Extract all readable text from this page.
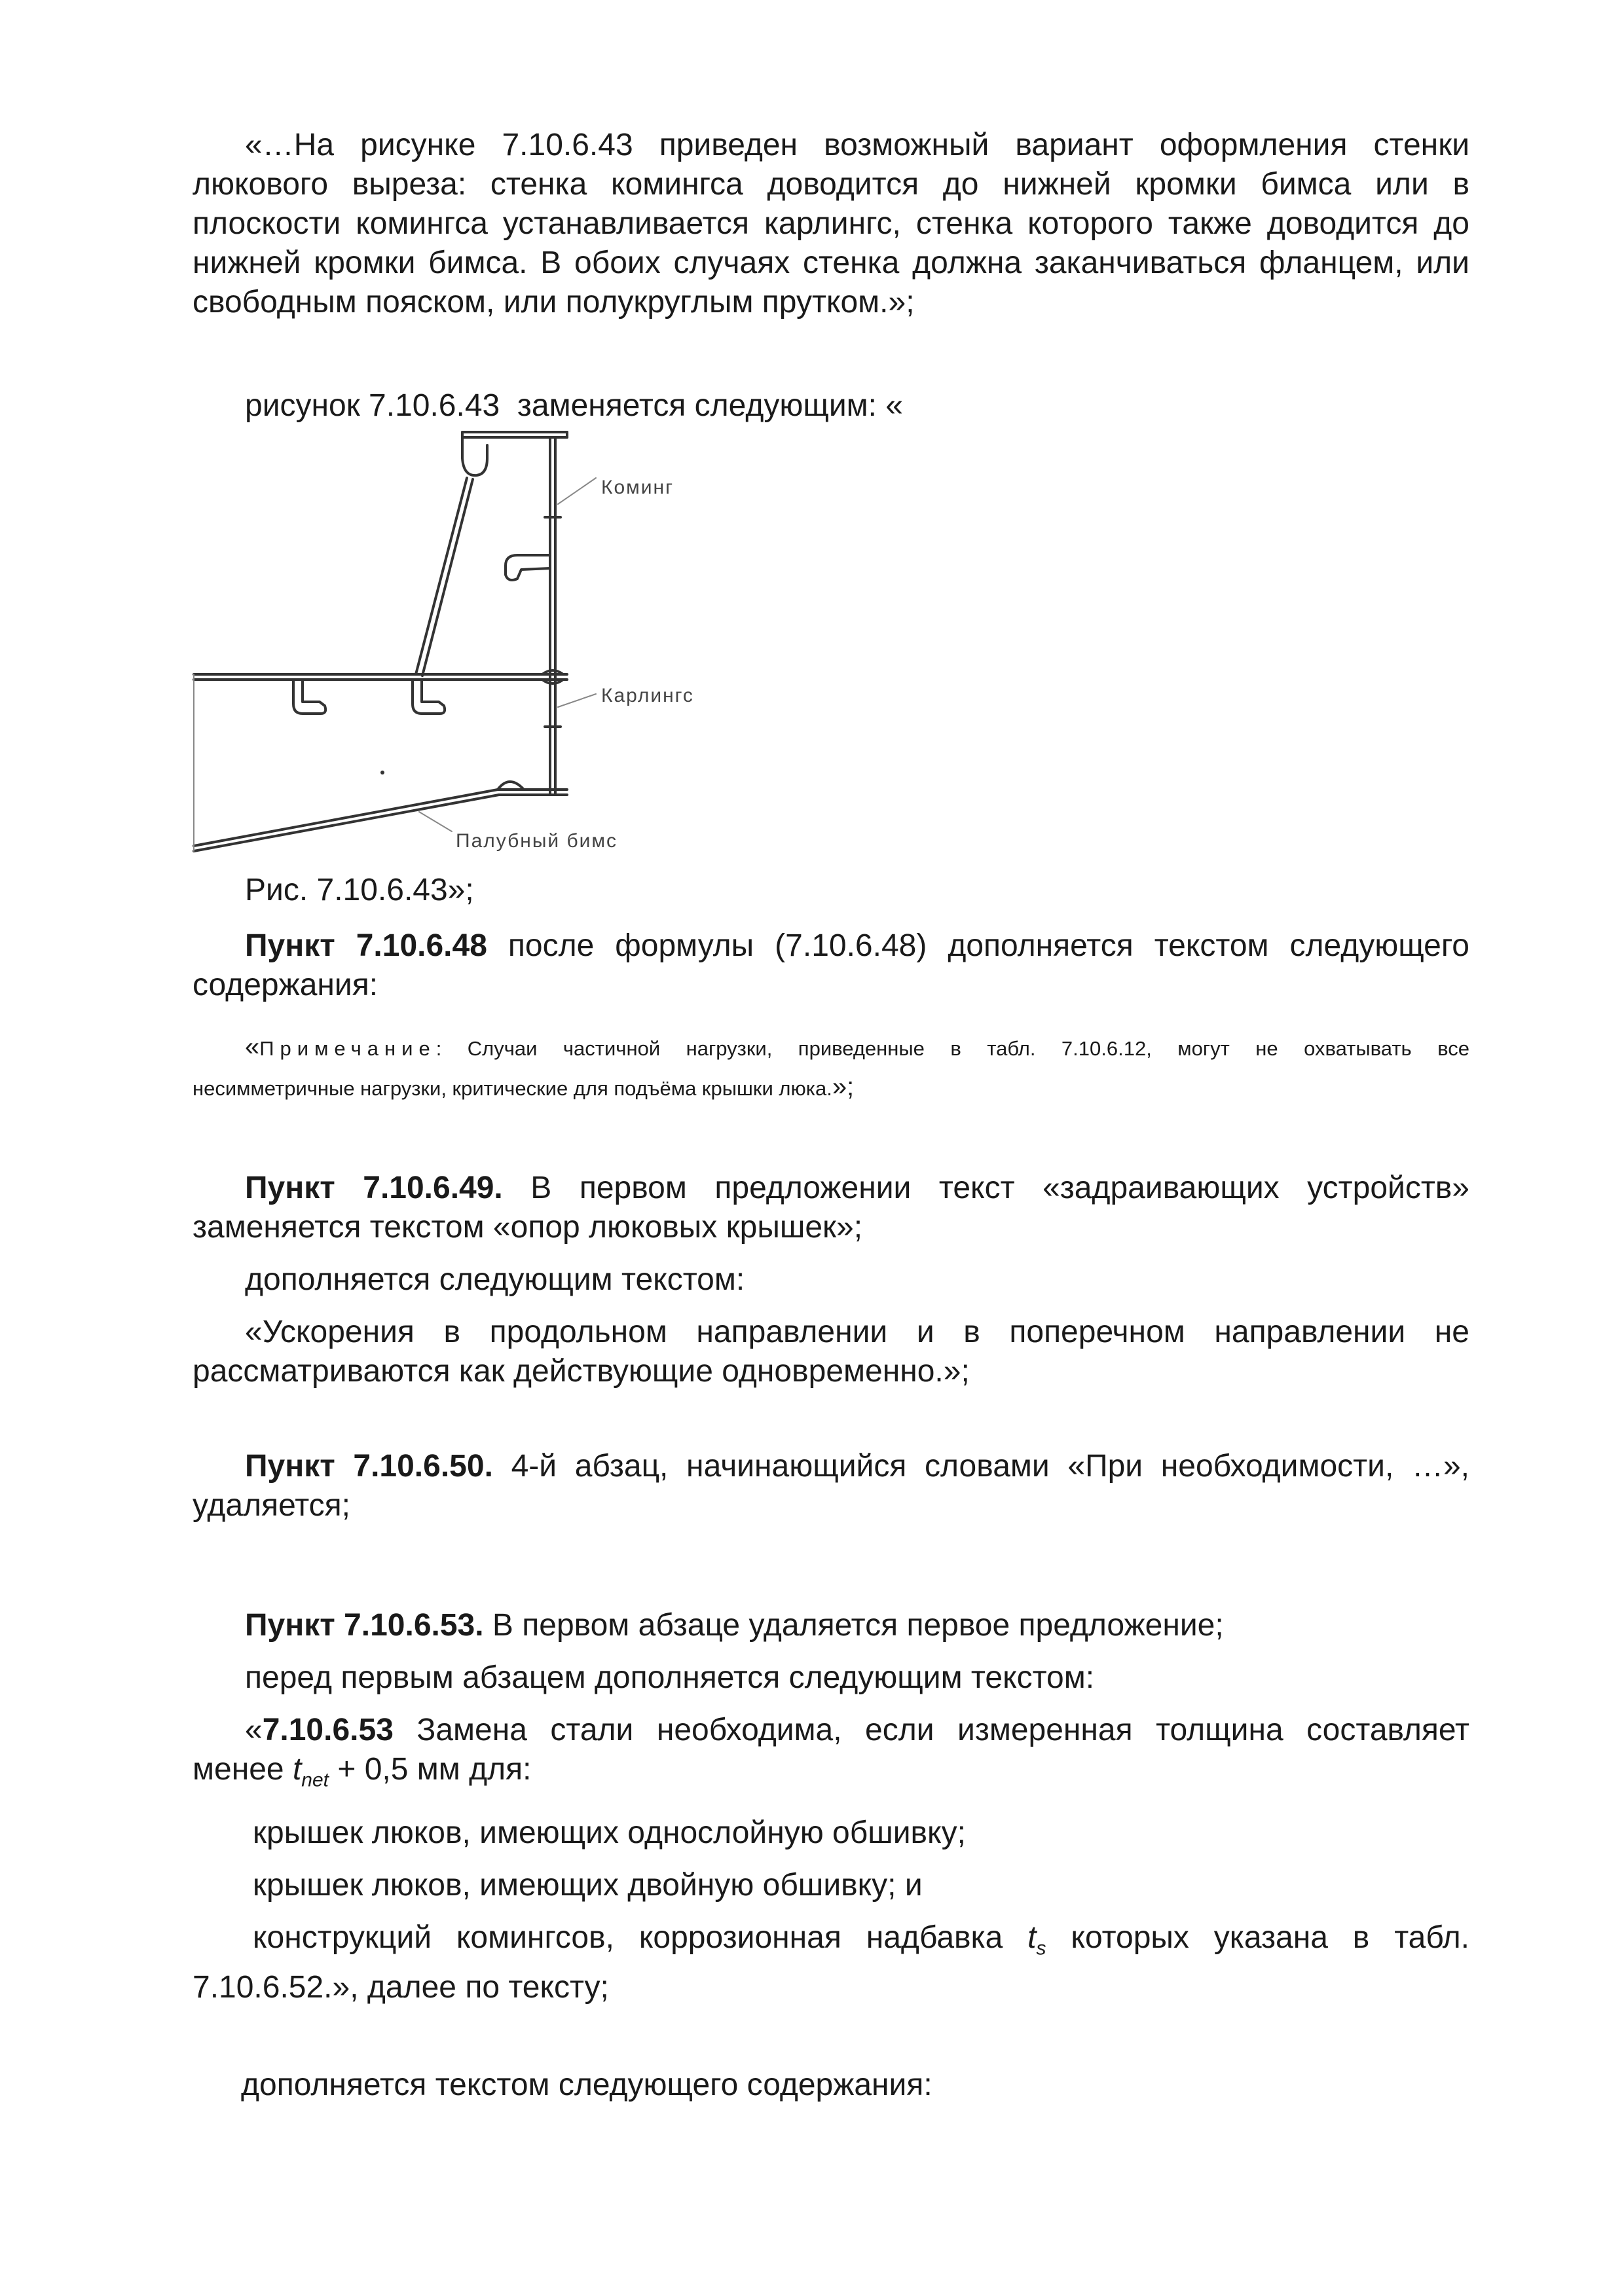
«…На рисунке 7.10.6.43 приведен возможный вариант оформления стенки
люкового выреза: стенка комингса доводится до нижней кромки бимса или в
плоскости комингса устанавливается карлингс, стенка которого также доводится до
нижней кромки бимса. В обоих случаях стенка должна заканчиваться фланцем, или
свободным пояском, или полукруглым прутком.»;
рисунок 7.10.6.43  заменяется следующим: «
Коминг
Карлингс
Палубный бимс
Рис. 7.10.6.43»;
Пункт 7.10.6.48 после формулы (7.10.6.48) дополняется текстом следующего
содержания:
«Примечание: Случаи частичной нагрузки, приведенные в табл. 7.10.6.12, могут не охватывать все
несимметричные нагрузки, критические для подъёма крышки люка.»;
Пункт 7.10.6.49. В первом предложении текст «задраивающих устройств»
заменяется текстом «опор люковых крышек»;
дополняется следующим текстом:
«Ускорения в продольном направлении и в поперечном направлении не
рассматриваются как действующие одновременно.»;
Пункт 7.10.6.50. 4-й абзац, начинающийся словами «При необходимости, …»,
удаляется;
Пункт 7.10.6.53. В первом абзаце удаляется первое предложение;
перед первым абзацем дополняется следующим текстом:
«7.10.6.53 Замена стали необходима, если измеренная толщина составляет
менее $t_{net} + 0,5$ мм для:
крышек люков, имеющих однослойную обшивку;
крышек люков, имеющих двойную обшивку; и
конструкций комингсов, коррозионная надбавка $t_s$ которых указана в табл.
7.10.6.52.», далее по тексту;
дополняется текстом следующего содержания:
